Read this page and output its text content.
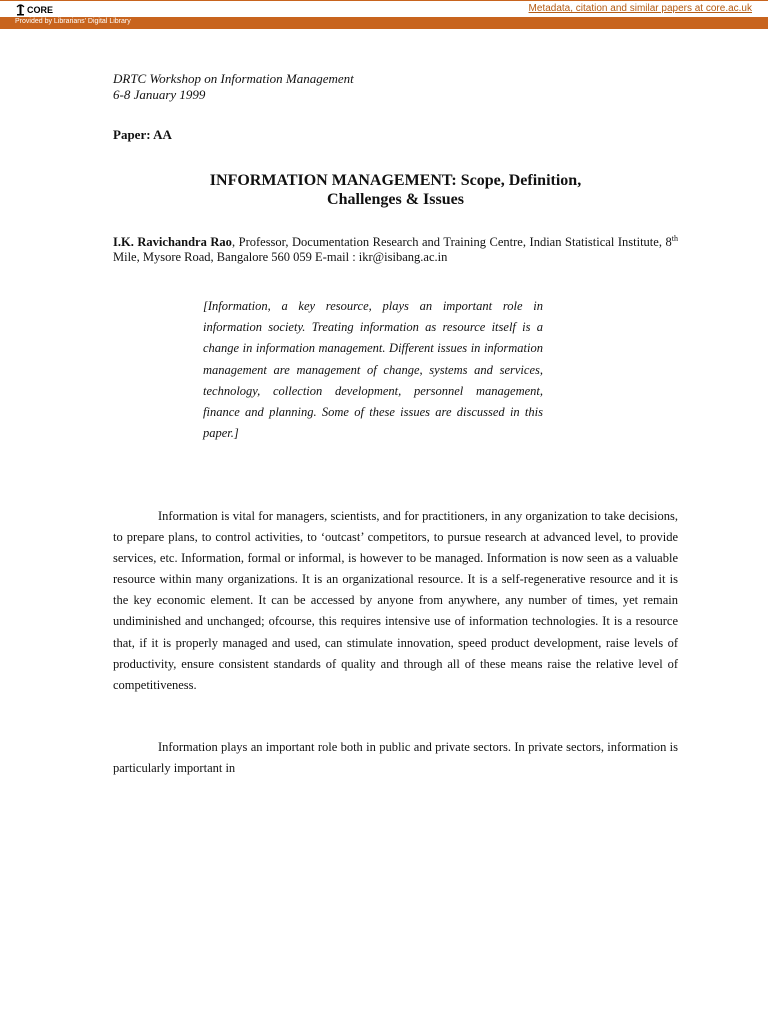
CORE	Metadata, citation and similar papers at core.ac.uk
Provided by Librarians' Digital Library
DRTC Workshop on Information Management
6-8 January 1999
Paper: AA
INFORMATION MANAGEMENT: Scope, Definition,
Challenges & Issues
I.K. Ravichandra Rao, Professor, Documentation Research and Training Centre, Indian Statistical Institute, 8th Mile, Mysore Road, Bangalore 560 059 E-mail : ikr@isibang.ac.in
[Information, a key resource, plays an important role in information society. Treating information as resource itself is a change in information management. Different issues in information management are management of change, systems and services, technology, collection development, personnel management, finance and planning. Some of these issues are discussed in this paper.]
Information is vital for managers, scientists, and for practitioners, in any organization to take decisions, to prepare plans, to control activities, to ‘outcast’ competitors, to pursue research at advanced level, to provide services, etc. Information, formal or informal, is however to be managed. Information is now seen as a valuable resource within many organizations. It is an organizational resource. It is a self-regenerative resource and it is the key economic element. It can be accessed by anyone from anywhere, any number of times, yet remain undiminished and unchanged; ofcourse, this requires intensive use of information technologies. It is a resource that, if it is properly managed and used, can stimulate innovation, speed product development, raise levels of productivity, ensure consistent standards of quality and through all of these means raise the relative level of competitiveness.
Information plays an important role both in public and private sectors. In private sectors, information is particularly important in
